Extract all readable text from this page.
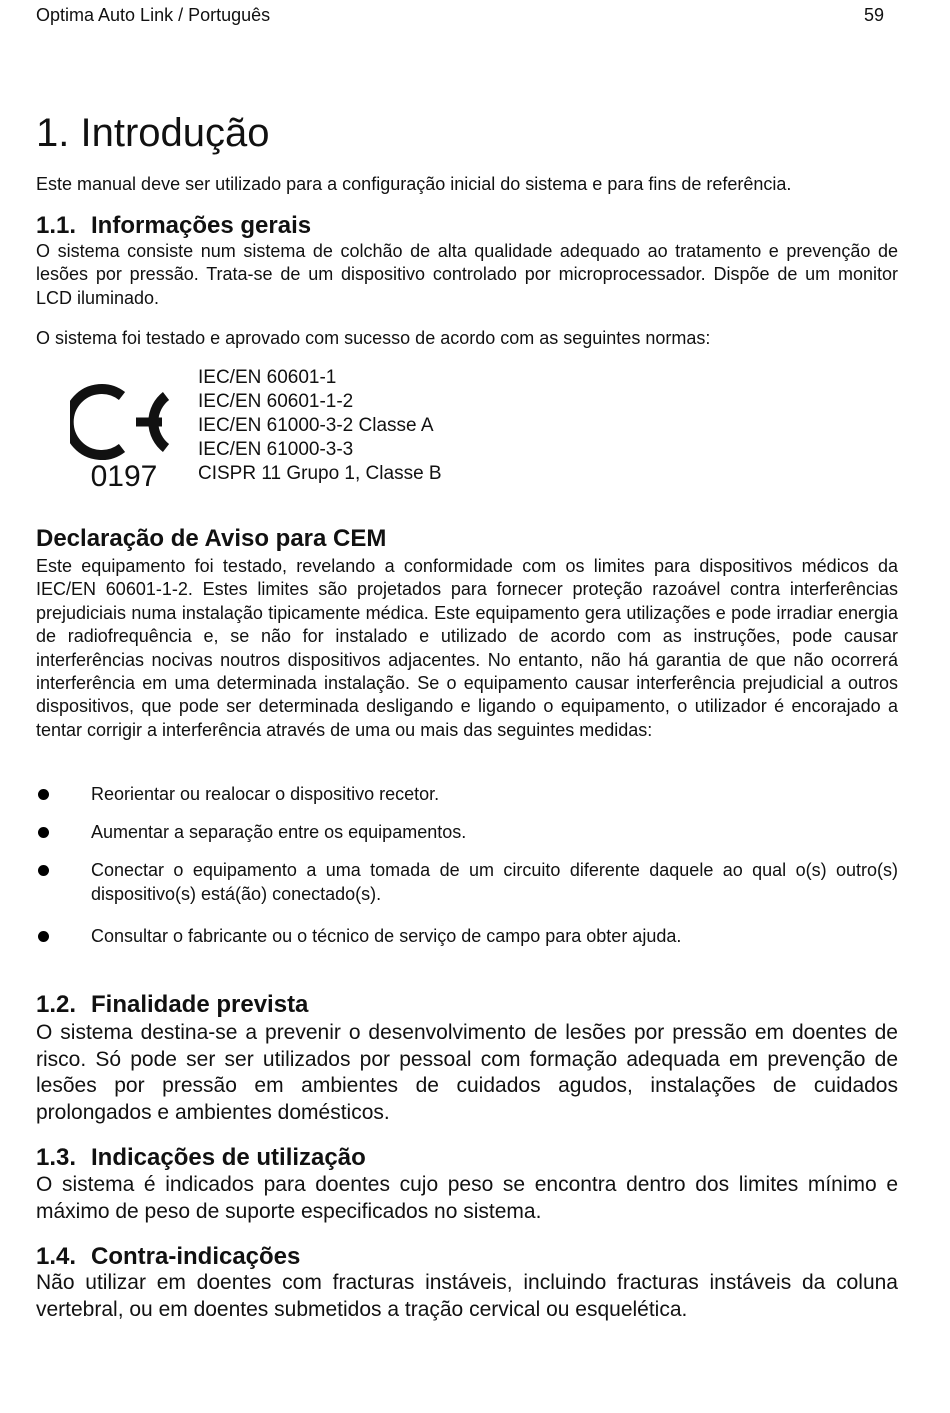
Optima Auto Link / Português	59
1. Introdução

Este manual deve ser utilizado para a configuração inicial do sistema e para fins de referência.

1.1. Informações gerais

O sistema consiste num sistema de colchão de alta qualidade adequado ao tratamento e prevenção de lesões por pressão. Trata-se de um dispositivo controlado por microprocessador. Dispõe de um monitor LCD iluminado.

O sistema foi testado e aprovado com sucesso de acordo com as seguintes normas:

0197
IEC/EN 60601-1
IEC/EN 60601-1-2
IEC/EN 61000-3-2 Classe A
IEC/EN 61000-3-3
CISPR 11 Grupo 1, Classe B
Declaração de Aviso para CEM

Este equipamento foi testado, revelando a conformidade com os limites para dispositivos médicos da IEC/EN 60601-1-2. Estes limites são projetados para fornecer proteção razoável contra interferências prejudiciais numa instalação tipicamente médica. Este equipamento gera utilizações e pode irradiar energia de radiofrequência e, se não for instalado e utilizado de acordo com as instruções, pode causar interferências nocivas noutros dispositivos adjacentes. No entanto, não há garantia de que não ocorrerá interferência em uma determinada instalação. Se o equipamento causar interferência prejudicial a outros dispositivos, que pode ser determinada desligando e ligando o equipamento, o utilizador é encorajado a tentar corrigir a interferência através de uma ou mais das seguintes medidas:

Reorientar ou realocar o dispositivo recetor.
Aumentar a separação entre os equipamentos.
Conectar o equipamento a uma tomada de um circuito diferente daquele ao qual o(s) outro(s) dispositivo(s) está(ão) conectado(s).
Consultar o fabricante ou o técnico de serviço de campo para obter ajuda.
1.2. Finalidade prevista

O sistema destina-se a prevenir o desenvolvimento de lesões por pressão em doentes de risco. Só pode ser ser utilizados por pessoal com formação adequada em prevenção de lesões por pressão em ambientes de cuidados agudos, instalações de cuidados prolongados e ambientes domésticos.

1.3. Indicações de utilização

O sistema é indicados para doentes cujo peso se encontra dentro dos limites mínimo e máximo de peso de suporte especificados no sistema.

1.4. Contra-indicações

Não utilizar em doentes com fracturas instáveis, incluindo fracturas instáveis da coluna vertebral, ou em doentes submetidos a tração cervical ou esquelética.
